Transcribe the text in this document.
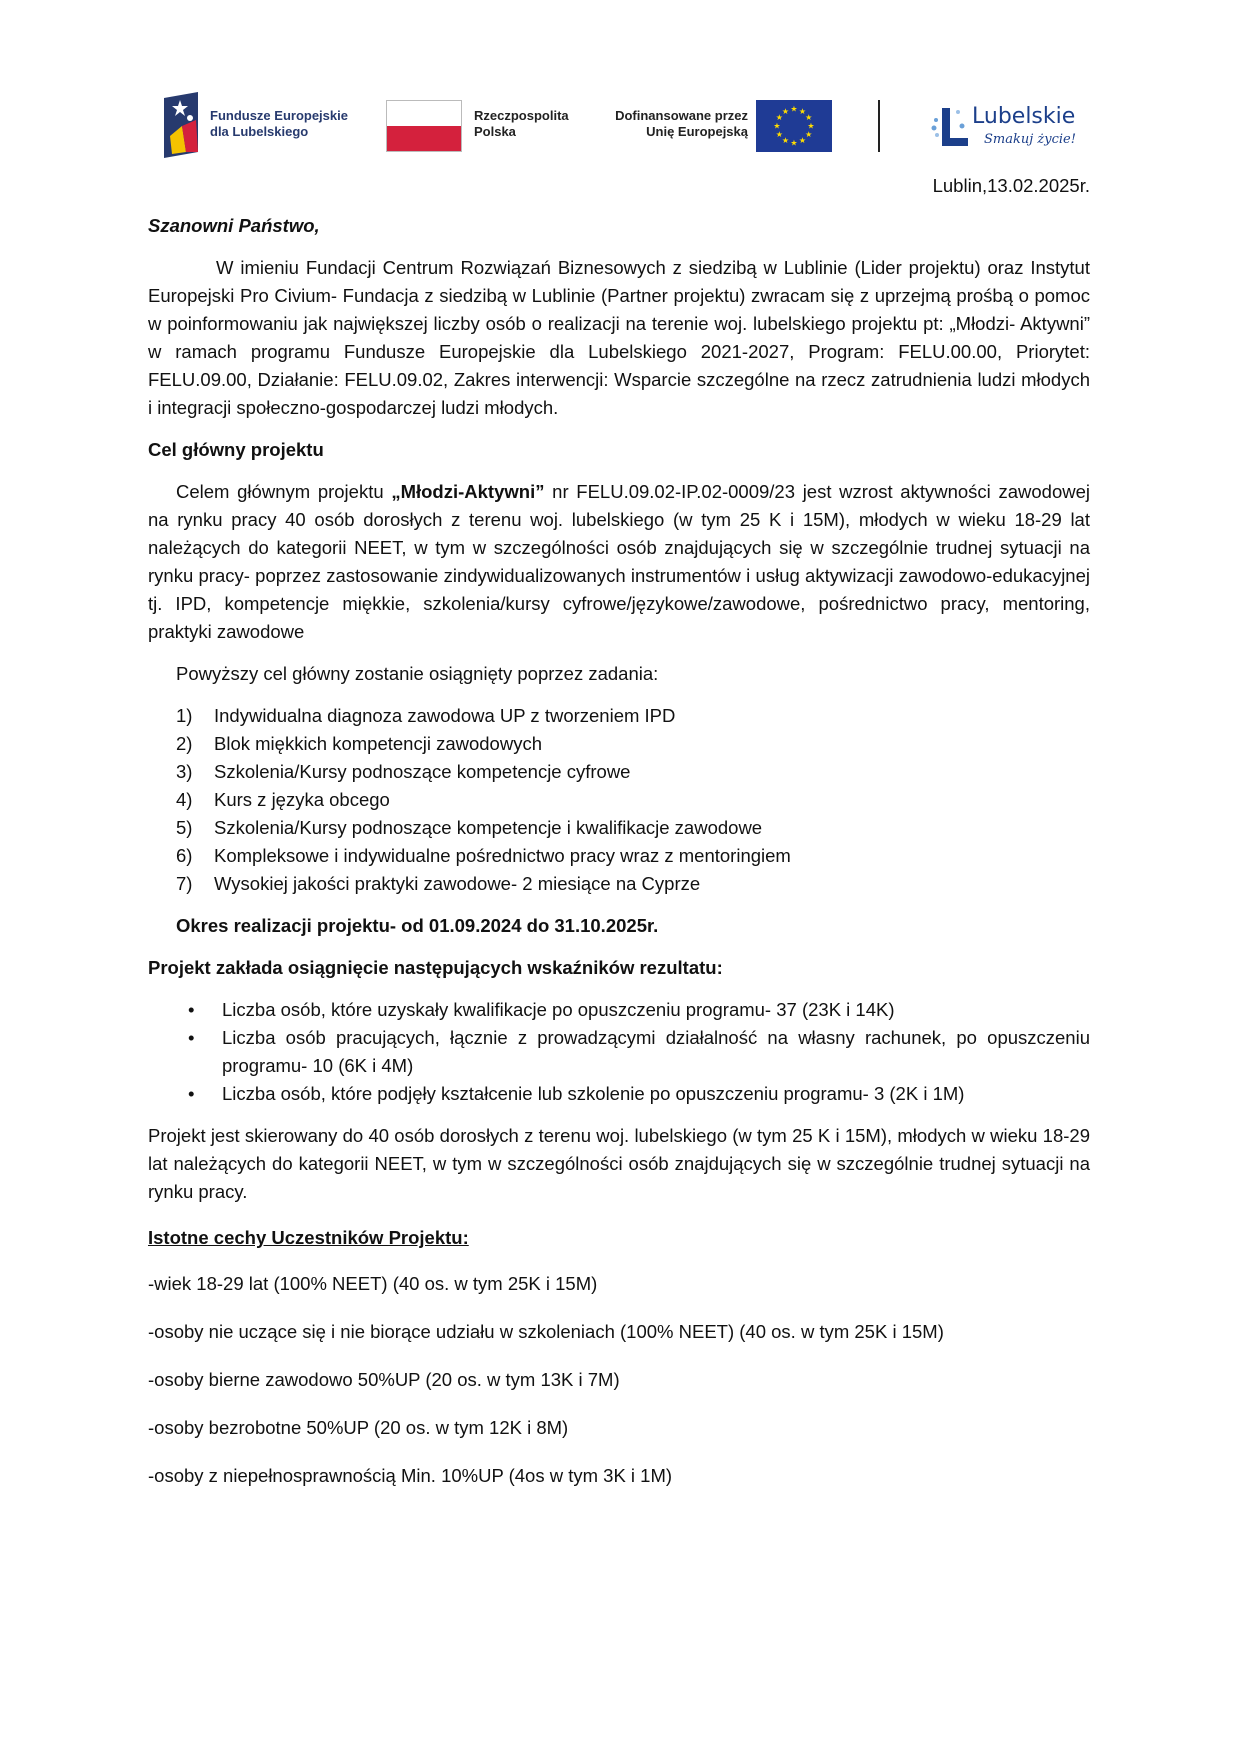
Fundusze Europejskie
dla Lubelskiego
Rzeczpospolita
Polska
Dofinansowane przez
Unię Europejską
★ ★
★
★
★
★
★
★
★
★
★
★	Lubelskie
Smakuj życie!

Lublin,13.02.2025r.

Szanowni Państwo,

W imieniu Fundacji Centrum Rozwiązań Biznesowych z siedzibą w Lublinie (Lider projektu) oraz Instytut Europejski Pro Civium- Fundacja z siedzibą w Lublinie (Partner projektu) zwracam się z uprzejmą prośbą o pomoc w poinformowaniu jak największej liczby osób o realizacji na terenie woj. lubelskiego projektu pt: „Młodzi- Aktywni” w ramach programu Fundusze Europejskie dla Lubelskiego 2021-2027, Program: FELU.00.00, Priorytet: FELU.09.00, Działanie: FELU.09.02, Zakres interwencji: Wsparcie szczególne na rzecz zatrudnienia ludzi młodych i integracji społeczno-gospodarczej ludzi młodych.

Cel główny projektu

Celem głównym projektu „Młodzi-Aktywni” nr FELU.09.02-IP.02-0009/23 jest wzrost aktywności zawodowej na rynku pracy 40 osób dorosłych z terenu woj. lubelskiego (w tym 25 K i 15M), młodych w wieku 18-29 lat należących do kategorii NEET, w tym w szczególności osób znajdujących się w szczególnie trudnej sytuacji na rynku pracy- poprzez zastosowanie zindywidualizowanych instrumentów i usług aktywizacji zawodowo-edukacyjnej tj. IPD, kompetencje miękkie, szkolenia/kursy cyfrowe/językowe/zawodowe, pośrednictwo pracy, mentoring, praktyki zawodowe

Powyższy cel główny zostanie osiągnięty poprzez zadania:

1) Indywidualna diagnoza zawodowa UP z tworzeniem IPD
2) Blok miękkich kompetencji zawodowych
3) Szkolenia/Kursy podnoszące kompetencje cyfrowe
4) Kurs z języka obcego
5) Szkolenia/Kursy podnoszące kompetencje i kwalifikacje zawodowe
6) Kompleksowe i indywidualne pośrednictwo pracy wraz z mentoringiem
7) Wysokiej jakości praktyki zawodowe- 2 miesiące na Cyprze

Okres realizacji projektu- od 01.09.2024 do 31.10.2025r.

Projekt zakłada osiągnięcie następujących wskaźników rezultatu:

• Liczba osób, które uzyskały kwalifikacje po opuszczeniu programu- 37 (23K i 14K)
• Liczba osób pracujących, łącznie z prowadzącymi działalność na własny rachunek, po opuszczeniu programu- 10 (6K i 4M)
• Liczba osób, które podjęły kształcenie lub szkolenie po opuszczeniu programu- 3 (2K i 1M)

Projekt jest skierowany do 40 osób dorosłych z terenu woj. lubelskiego (w tym 25 K i 15M), młodych w wieku 18-29 lat należących do kategorii NEET, w tym w szczególności osób znajdujących się w szczególnie trudnej sytuacji na rynku pracy.

Istotne cechy Uczestników Projektu:

-wiek 18-29 lat (100% NEET) (40 os. w tym 25K i 15M)

-osoby nie uczące się i nie biorące udziału w szkoleniach (100% NEET) (40 os. w tym 25K i 15M)

-osoby bierne zawodowo 50%UP (20 os. w tym 13K i 7M)

-osoby bezrobotne 50%UP (20 os. w tym 12K i 8M)

-osoby z niepełnosprawnością Min. 10%UP (4os w tym 3K i 1M)
